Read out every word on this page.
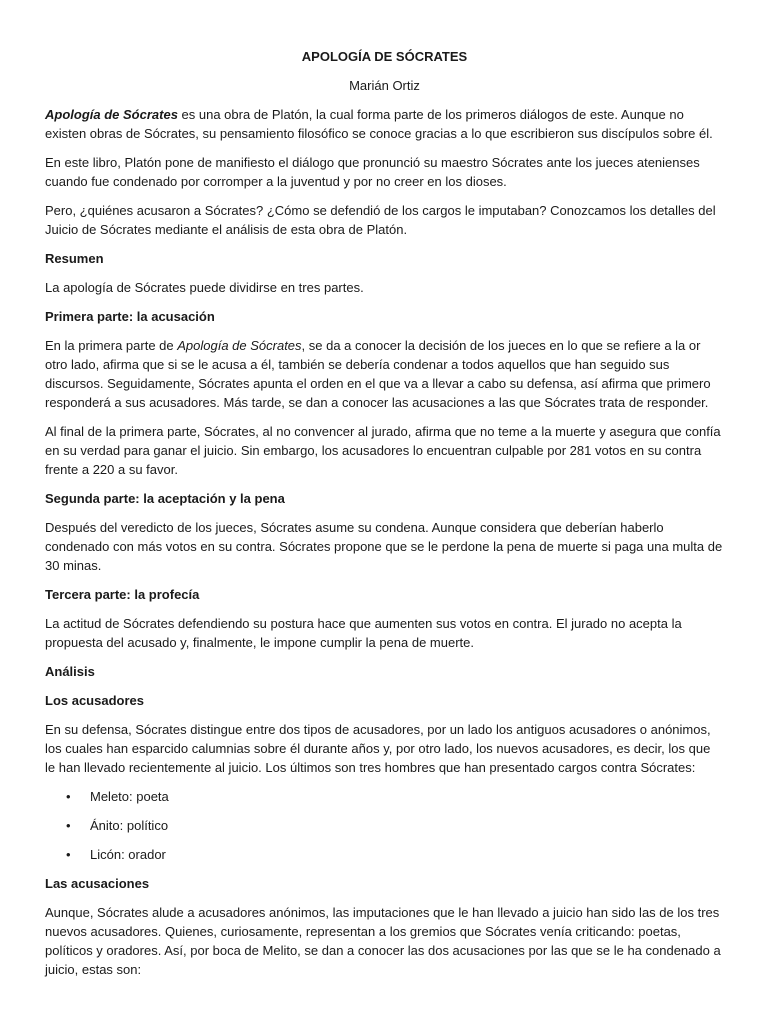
APOLOGÍA DE SÓCRATES
Marián Ortiz

Apología de Sócrates es una obra de Platón, la cual forma parte de los primeros diálogos de este. Aunque no existen obras de Sócrates, su pensamiento filosófico se conoce gracias a lo que escribieron sus discípulos sobre él.

En este libro, Platón pone de manifiesto el diálogo que pronunció su maestro Sócrates ante los jueces atenienses cuando fue condenado por corromper a la juventud y por no creer en los dioses.

Pero, ¿quiénes acusaron a Sócrates? ¿Cómo se defendió de los cargos le imputaban? Conozcamos los detalles del Juicio de Sócrates mediante el análisis de esta obra de Platón.

Resumen

La apología de Sócrates puede dividirse en tres partes.

Primera parte: la acusación

En la primera parte de Apología de Sócrates, se da a conocer la decisión de los jueces en lo que se refiere a la or otro lado, afirma que si se le acusa a él, también se debería condenar a todos aquellos que han seguido sus discursos. Seguidamente, Sócrates apunta el orden en el que va a llevar a cabo su defensa, así afirma que primero responderá a sus acusadores. Más tarde, se dan a conocer las acusaciones a las que Sócrates trata de responder.

Al final de la primera parte, Sócrates, al no convencer al jurado, afirma que no teme a la muerte y asegura que confía en su verdad para ganar el juicio. Sin embargo, los acusadores lo encuentran culpable por 281 votos en su contra frente a 220 a su favor.

Segunda parte: la aceptación y la pena

Después del veredicto de los jueces, Sócrates asume su condena. Aunque considera que deberían haberlo condenado con más votos en su contra. Sócrates propone que se le perdone la pena de muerte si paga una multa de 30 minas.

Tercera parte: la profecía

La actitud de Sócrates defendiendo su postura hace que aumenten sus votos en contra. El jurado no acepta la propuesta del acusado y, finalmente, le impone cumplir la pena de muerte.

Análisis
Los acusadores

En su defensa, Sócrates distingue entre dos tipos de acusadores, por un lado los antiguos acusadores o anónimos, los cuales han esparcido calumnias sobre él durante años y, por otro lado, los nuevos acusadores, es decir, los que le han llevado recientemente al juicio. Los últimos son tres hombres que han presentado cargos contra Sócrates:

• Meleto: poeta
• Ánito: político
• Licón: orador
Las acusaciones

Aunque, Sócrates alude a acusadores anónimos, las imputaciones que le han llevado a juicio han sido las de los tres nuevos acusadores. Quienes, curiosamente, representan a los gremios que Sócrates venía criticando: poetas, políticos y oradores. Así, por boca de Melito, se dan a conocer las dos acusaciones por las que se le ha condenado a juicio, estas son:
